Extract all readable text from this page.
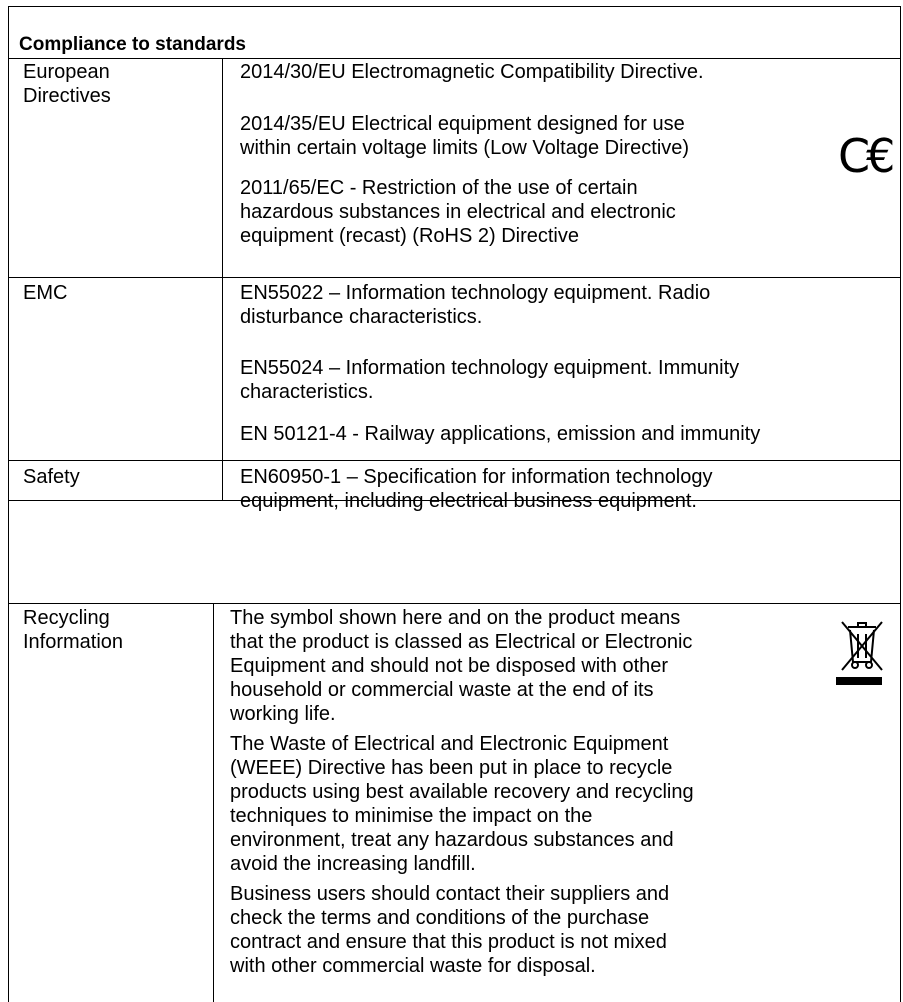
Compliance to standards
European
Directives
2014/30/EU Electromagnetic Compatibility Directive.
2014/35/EU Electrical equipment designed for use
within certain voltage limits (Low Voltage Directive)
2011/65/EC - Restriction of the use of certain
hazardous substances in electrical and electronic
equipment (recast) (RoHS 2) Directive
C€
EMC	EN55022 – Information technology equipment. Radio
disturbance characteristics.
EN55024 – Information technology equipment. Immunity
characteristics.
EN 50121-4 - Railway applications, emission and immunity
Safety	EN60950-1 – Specification for information technology
equipment, including electrical business equipment.
Recycling
Information
The symbol shown here and on the product means
that the product is classed as Electrical or Electronic
Equipment and should not be disposed with other
household or commercial waste at the end of its
working life.
The Waste of Electrical and Electronic Equipment
(WEEE) Directive has been put in place to recycle
products using best available recovery and recycling
techniques to minimise the impact on the
environment, treat any hazardous substances and
avoid the increasing landfill.
Business users should contact their suppliers and
check the terms and conditions of the purchase
contract and ensure that this product is not mixed
with other commercial waste for disposal.
